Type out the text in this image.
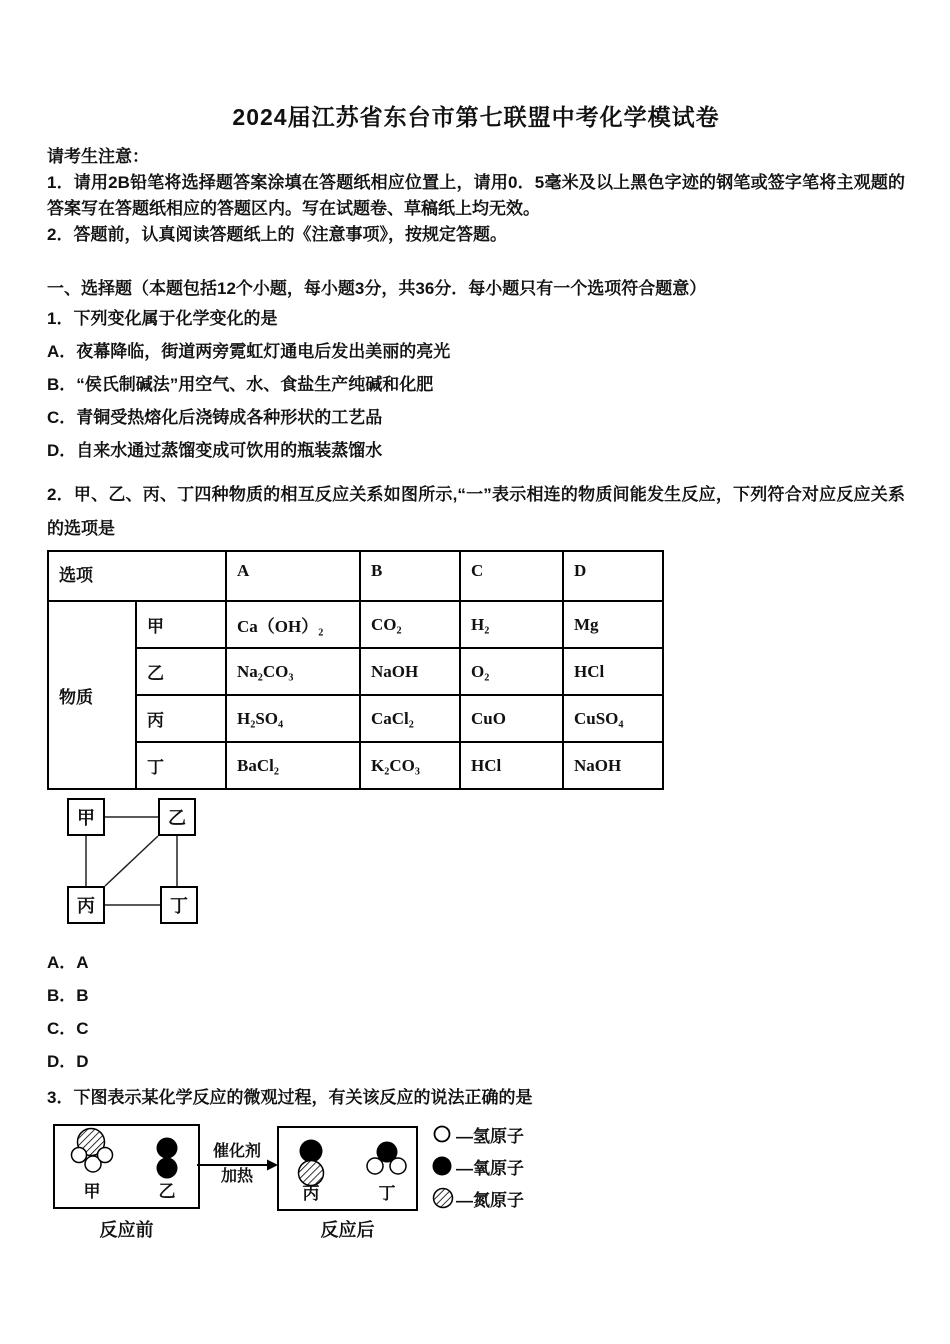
2024届江苏省东台市第七联盟中考化学模试卷
请考生注意：

1．请用2B铅笔将选择题答案涂填在答题纸相应位置上，请用0．5毫米及以上黑色字迹的钢笔或签字笔将主观题的答案写在答题纸相应的答题区内。写在试题卷、草稿纸上均无效。

2．答题前，认真阅读答题纸上的《注意事项》，按规定答题。

一、选择题（本题包括12个小题，每小题3分，共36分．每小题只有一个选项符合题意）
1．下列变化属于化学变化的是
A．夜幕降临，街道两旁霓虹灯通电后发出美丽的亮光
B．“侯氏制碱法”用空气、水、食盐生产纯碱和化肥
C．青铜受热熔化后浇铸成各种形状的工艺品
D．自来水通过蒸馏变成可饮用的瓶装蒸馏水
2．甲、乙、丙、丁四种物质的相互反应关系如图所示,“一”表示相连的物质间能发生反应，下列符合对应反应关系的选项是
选项		A	B	C	D
物质	甲	Ca（OH）₂	CO₂	H₂	Mg
	乙	Na₂CO₃	NaOH	O₂	HCl
	丙	H₂SO₄	CaCl₂	CuO	CuSO₄
	丁	BaCl₂	K₂CO₃	HCl	NaOH
甲	乙
丙	丁
A．A
B．B
C．C
D．D
3．下图表示某化学反应的微观过程，有关该反应的说法正确的是
甲	乙
催化剂
加热
丙	丁
反应前	反应后
—氢原子
—氧原子
—氮原子
